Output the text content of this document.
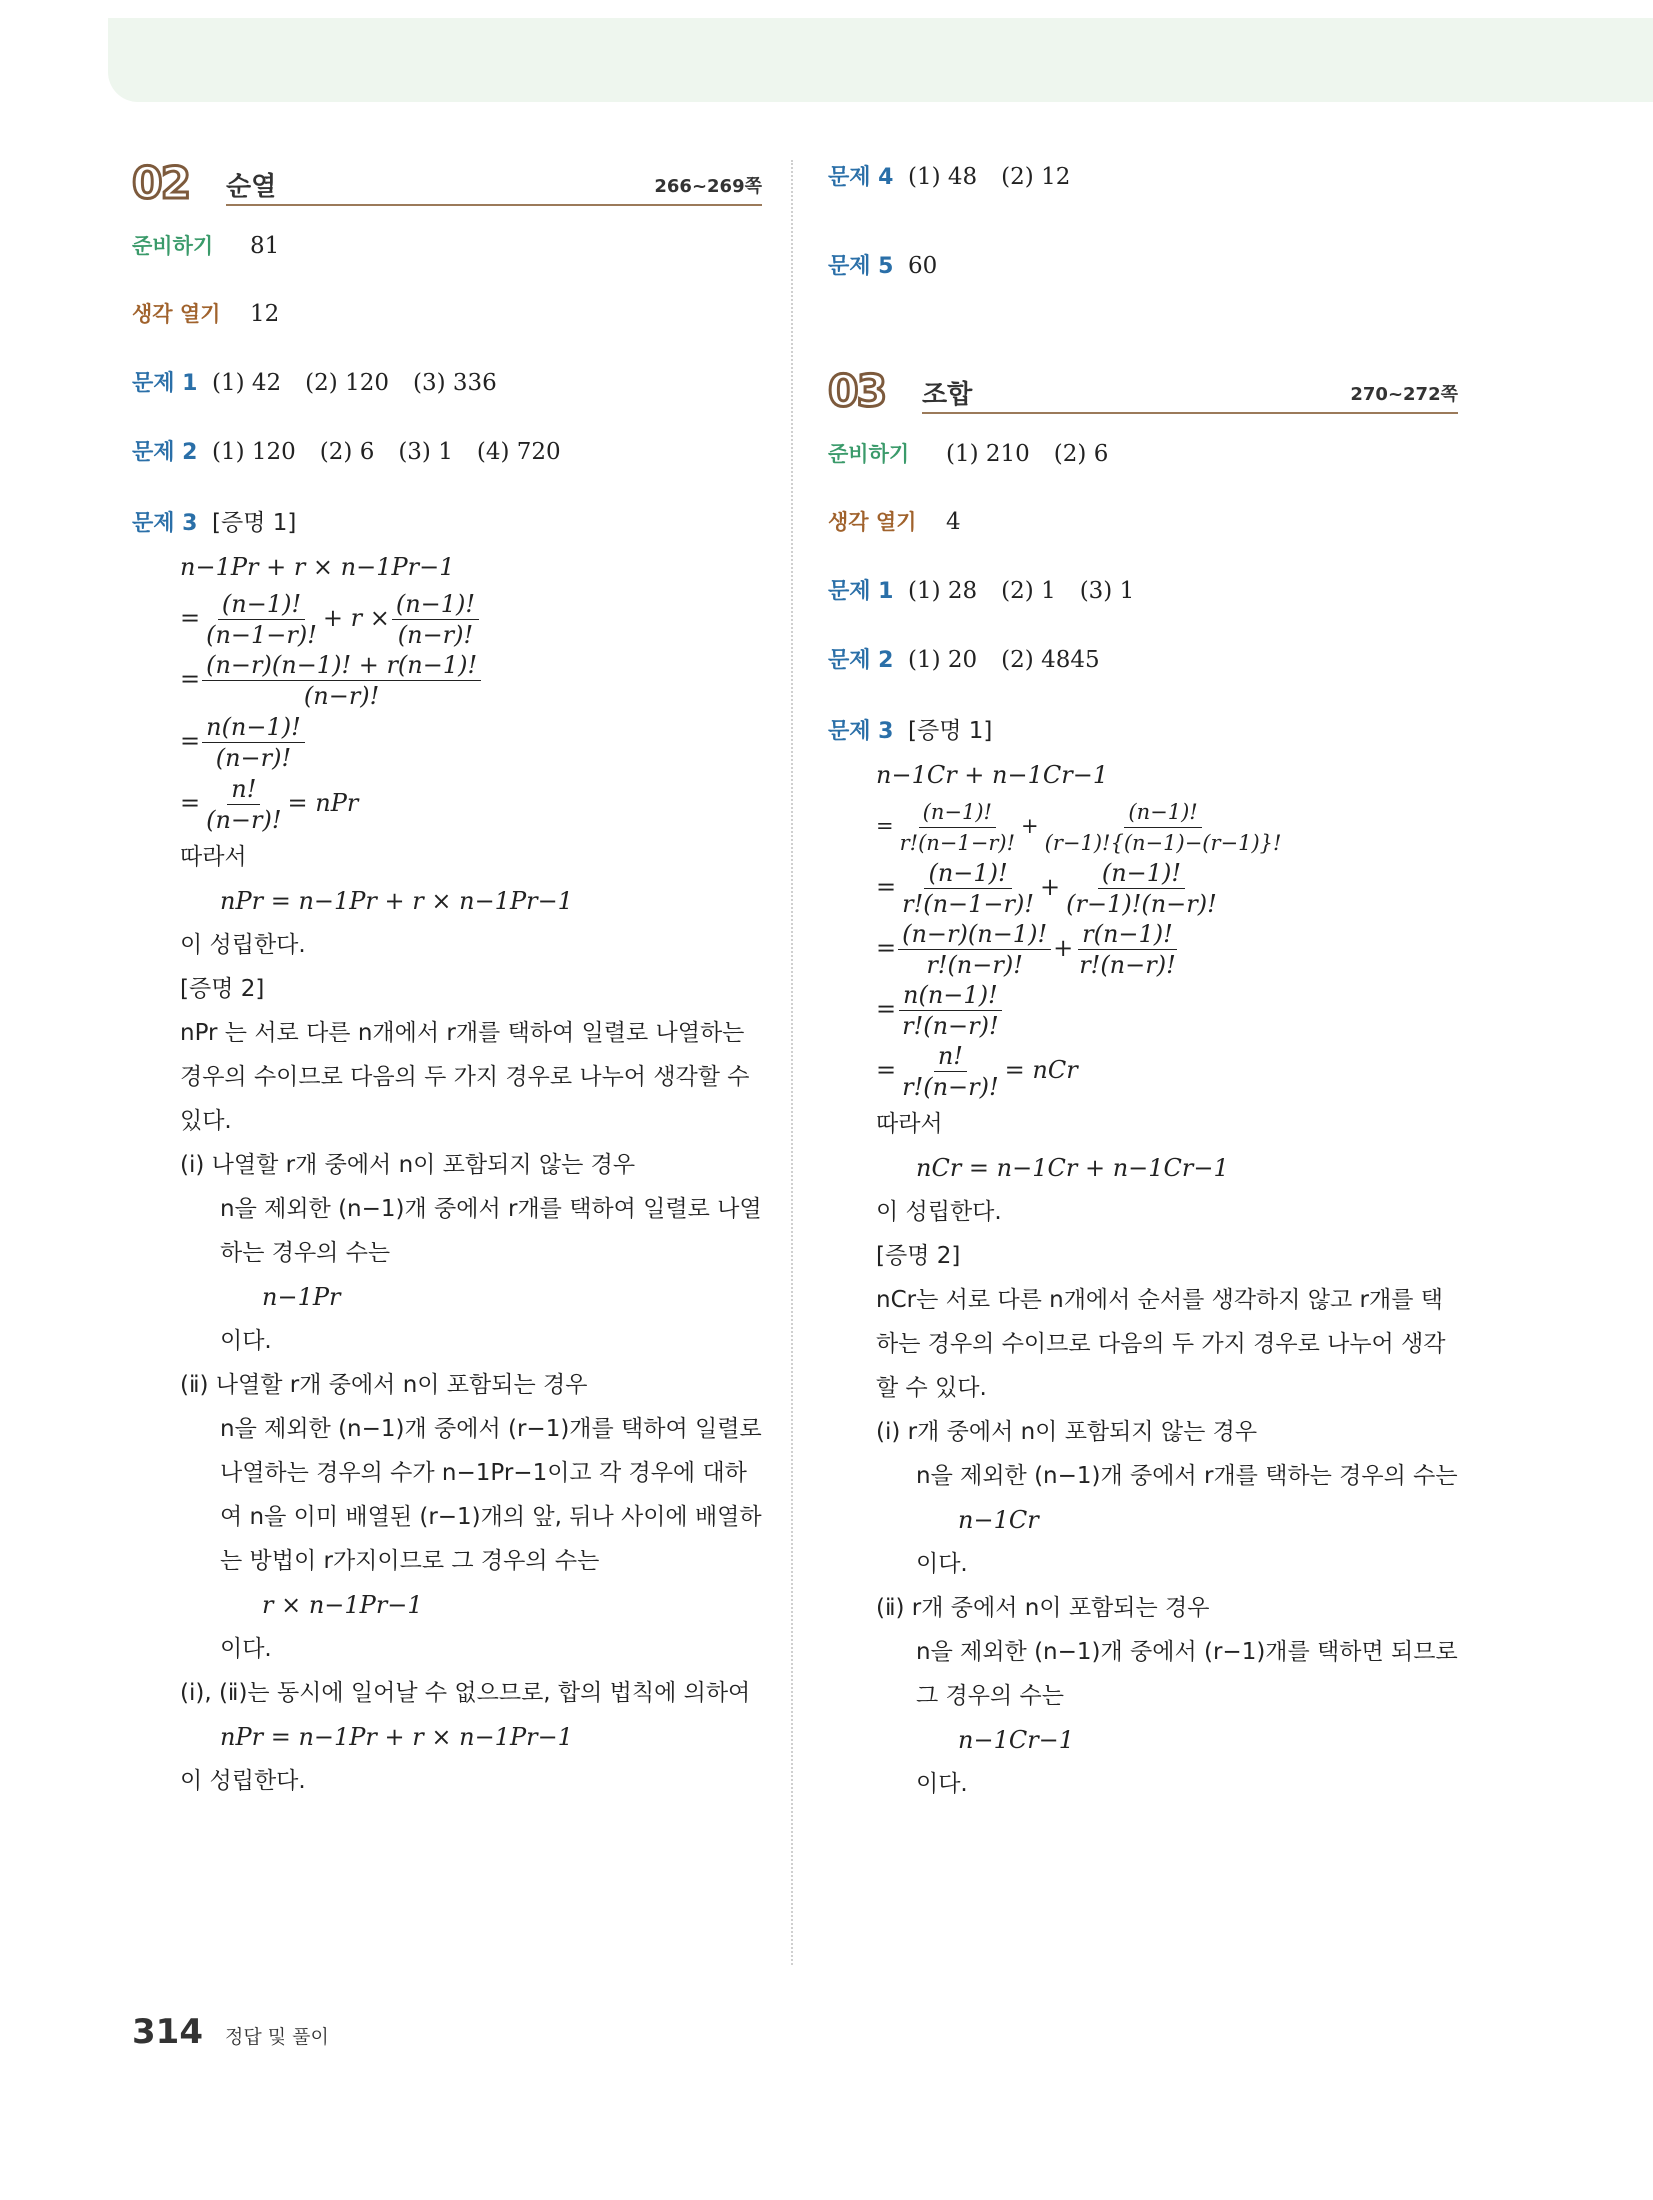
02 순열	266~269쪽
준비하기	81
생각 열기	12
문제 1 (1) 42 (2) 120 (3) 336
문제 2 (1) 120 (2) 6 (3) 1 (4) 720
문제 3 [증명 1]
n−1Pr + r × n−1Pr−1
= $\frac{(n-1)!}{(n-1-r)!} + r \times \frac{(n-1)!}{(n-r)!}$
= $\frac{(n-r)(n-1)! + r(n-1)!}{(n-r)!}$
= $\frac{n(n-1)!}{(n-r)!}$
= $\frac{n!}{(n-r)!}$ = nPr
따라서
nPr = n−1Pr + r × n−1Pr−1
이 성립한다.
[증명 2]
nPr 는 서로 다른 n개에서 r개를 택하여 일렬로 나열하는 경우의 수이므로 다음의 두 가지 경우로 나누어 생각할 수 있다.
(ⅰ) 나열할 r개 중에서 n이 포함되지 않는 경우
n을 제외한 (n−1)개 중에서 r개를 택하여 일렬로 나열하는 경우의 수는
n−1Pr
이다.
(ⅱ) 나열할 r개 중에서 n이 포함되는 경우
n을 제외한 (n−1)개 중에서 (r−1)개를 택하여 일렬로 나열하는 경우의 수가 n−1Pr−1이고 각 경우에 대하여 n을 이미 배열된 (r−1)개의 앞, 뒤나 사이에 배열하는 방법이 r가지이므로 그 경우의 수는
r × n−1Pr−1
이다.
(ⅰ), (ⅱ)는 동시에 일어날 수 없으므로, 합의 법칙에 의하여
nPr = n−1Pr + r × n−1Pr−1
이 성립한다.
문제 4 (1) 48 (2) 12
문제 5 60
03 조합	270~272쪽
준비하기	(1) 210 (2) 6
생각 열기	4
문제 1 (1) 28 (2) 1 (3) 1
문제 2 (1) 20 (2) 4845
문제 3 [증명 1]
n−1Cr + n−1Cr−1
= $\frac{(n-1)!}{r!(n-1-r)!} + \frac{(n-1)!}{(r-1)!\{(n-1)-(r-1)\}!}$
= $\frac{(n-1)!}{r!(n-1-r)!} + \frac{(n-1)!}{(r-1)!(n-r)!}$
= $\frac{(n-r)(n-1)!}{r!(n-r)!} + \frac{r(n-1)!}{r!(n-r)!}$
= $\frac{n(n-1)!}{r!(n-r)!}$
= $\frac{n!}{r!(n-r)!}$ = nCr
따라서
nCr = n−1Cr + n−1Cr−1
이 성립한다.
[증명 2]
nCr는 서로 다른 n개에서 순서를 생각하지 않고 r개를 택하는 경우의 수이므로 다음의 두 가지 경우로 나누어 생각할 수 있다.
(ⅰ) r개 중에서 n이 포함되지 않는 경우
n을 제외한 (n−1)개 중에서 r개를 택하는 경우의 수는
n−1Cr
이다.
(ⅱ) r개 중에서 n이 포함되는 경우
n을 제외한 (n−1)개 중에서 (r−1)개를 택하면 되므로 그 경우의 수는
n−1Cr−1
이다.
314 정답 및 풀이
